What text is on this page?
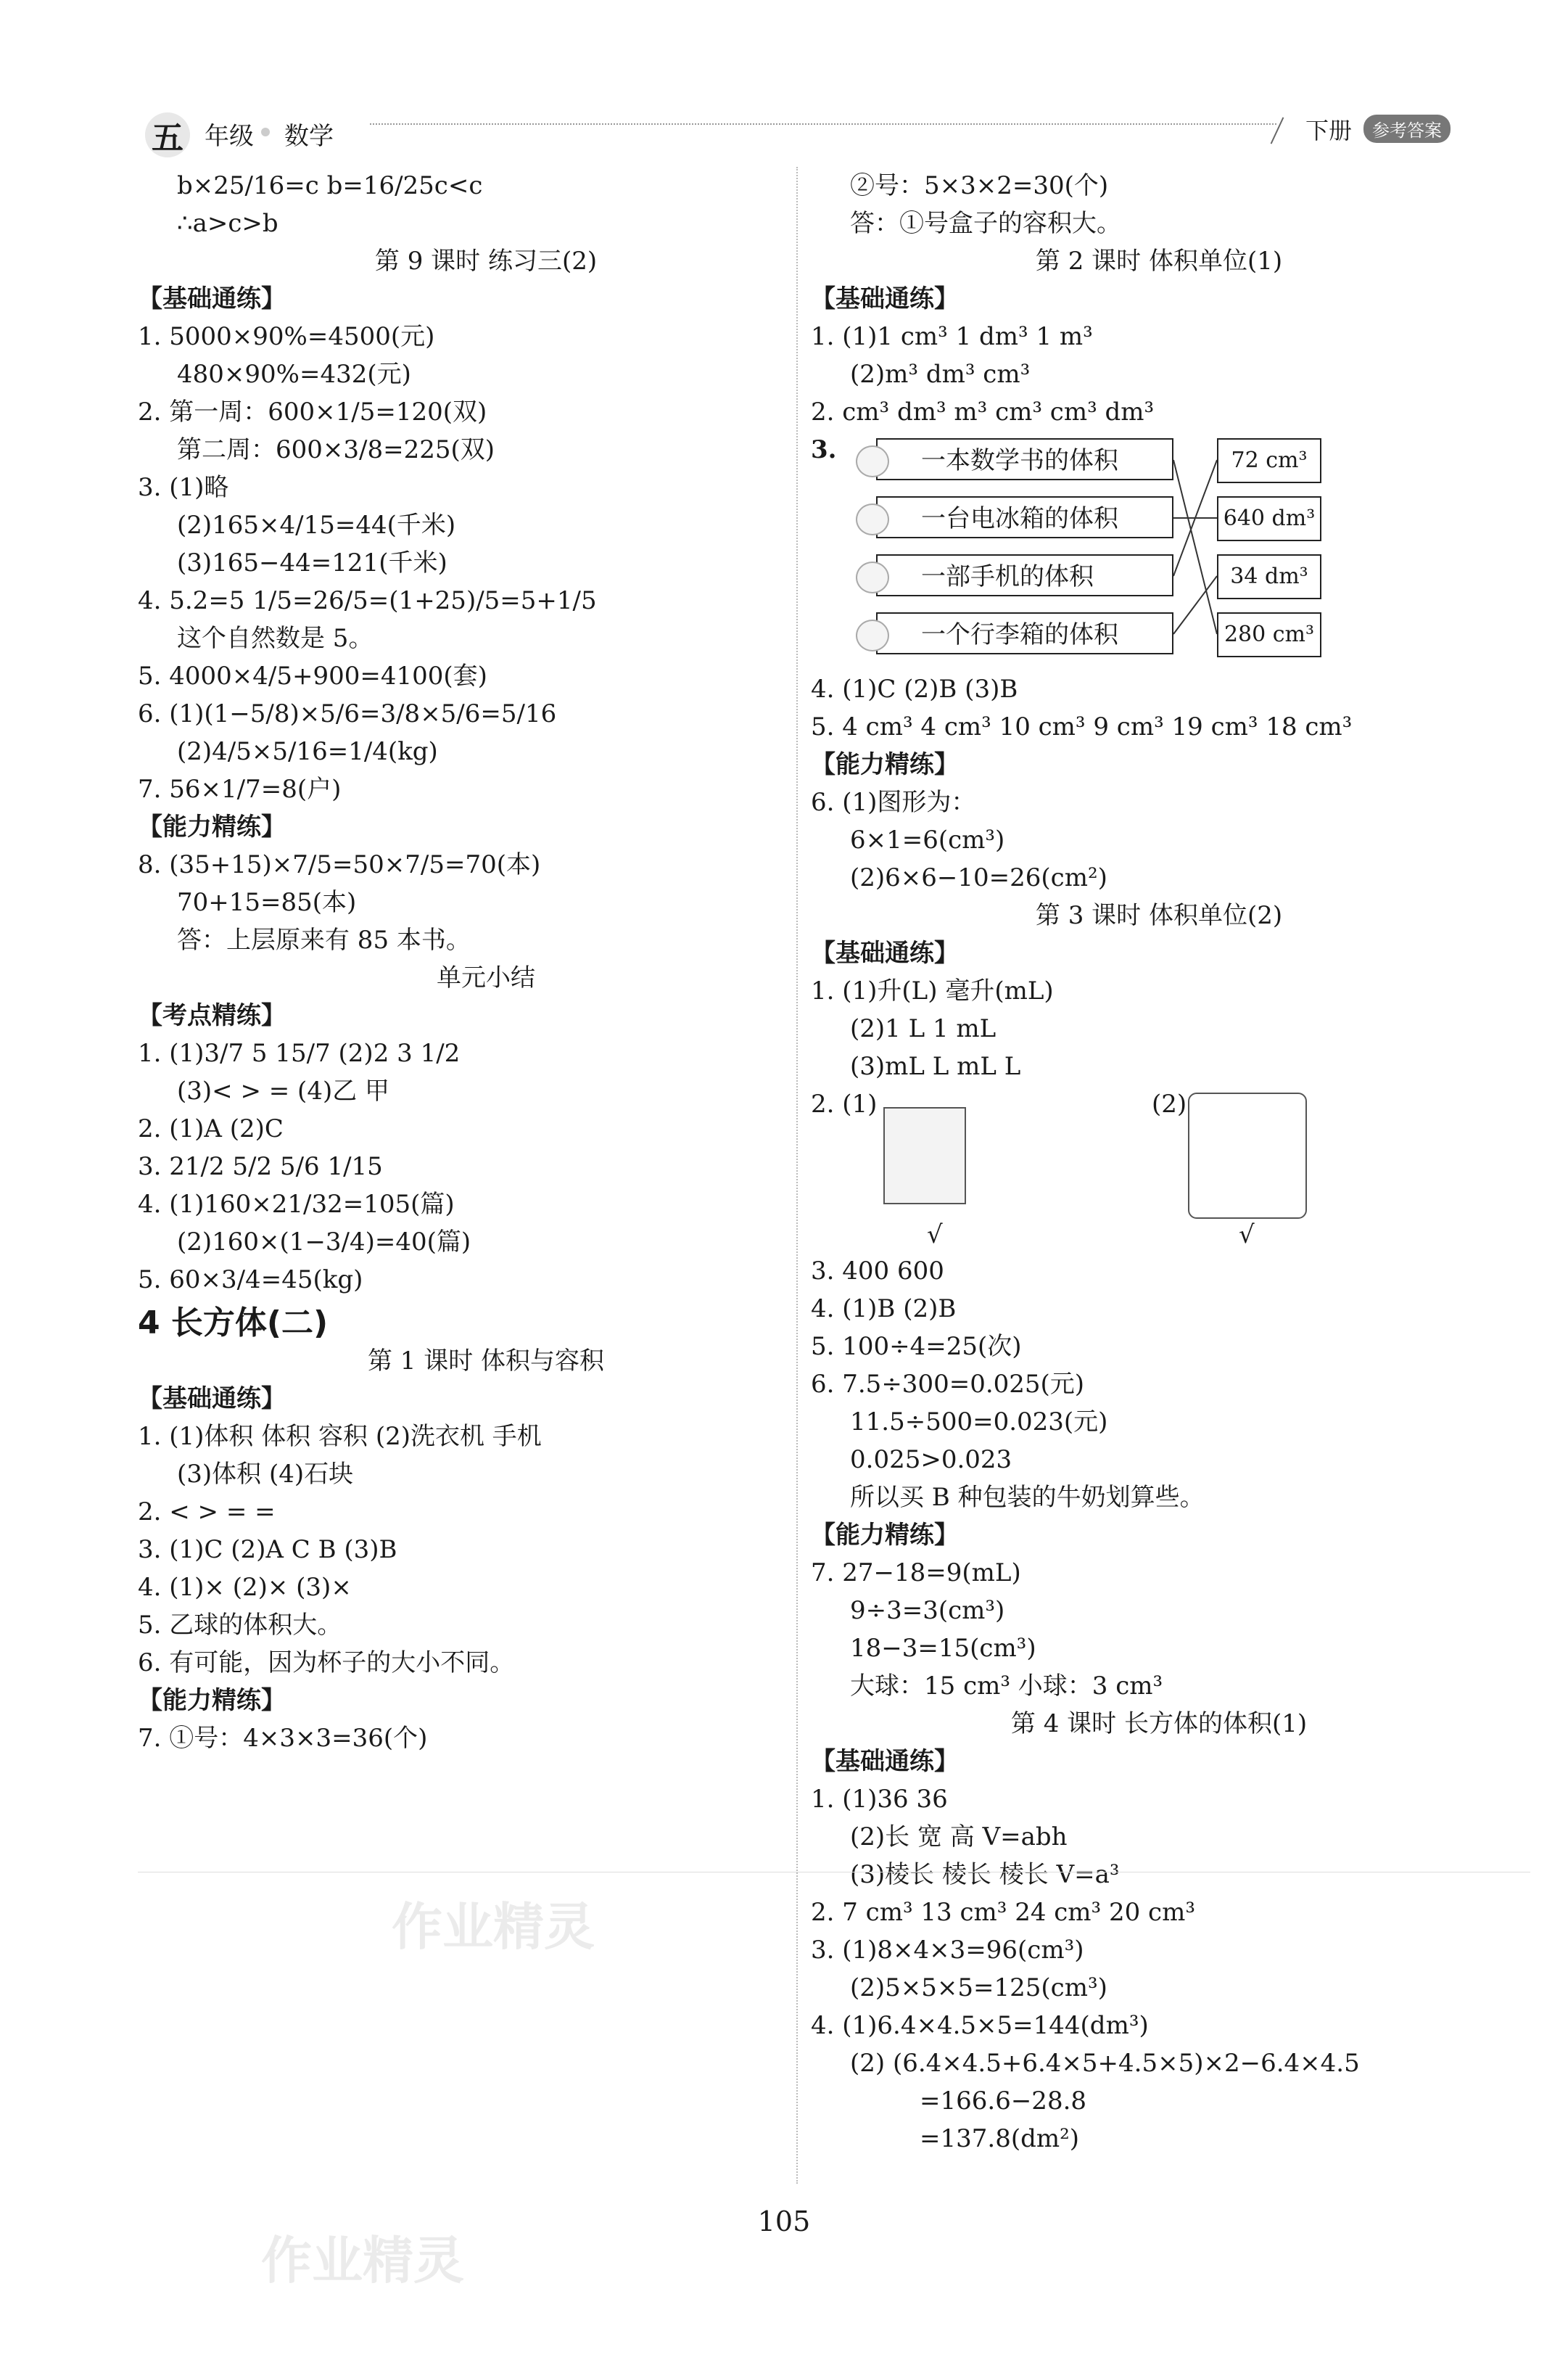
五 年级 数学	下册	参考答案
b×25/16=c b=16/25c<c
∴a>c>b
第 9 课时 练习三(2)
【基础通练】
1. 5000×90%=4500(元)
480×90%=432(元)
2. 第一周：600×1/5=120(双)
第二周：600×3/8=225(双)
3. (1)略
(2)165×4/15=44(千米)
(3)165−44=121(千米)
4. 5.2=5 1/5=26/5=(1+25)/5=5+1/5
这个自然数是 5。
5. 4000×4/5+900=4100(套)
6. (1)(1−5/8)×5/6=3/8×5/6=5/16
(2)4/5×5/16=1/4(kg)
7. 56×1/7=8(户)
【能力精练】
8. (35+15)×7/5=50×7/5=70(本)
70+15=85(本)
答：上层原来有 85 本书。
单元小结
【考点精练】
1. (1)3/7 5 15/7 (2)2 3 1/2
(3)< > = (4)乙 甲
2. (1)A (2)C
3. 21/2 5/2 5/6 1/15
4. (1)160×21/32=105(篇)
(2)160×(1−3/4)=40(篇)
5. 60×3/4=45(kg)
4 长方体(二)
第 1 课时 体积与容积
【基础通练】
1. (1)体积 体积 容积 (2)洗衣机 手机
(3)体积 (4)石块
2. < > = =
3. (1)C (2)A C B (3)B
4. (1)× (2)× (3)×
5. 乙球的体积大。
6. 有可能，因为杯子的大小不同。
【能力精练】
7. ①号：4×3×3=36(个)
②号：5×3×2=30(个)
答：①号盒子的容积大。
第 2 课时 体积单位(1)
【基础通练】
1. (1)1 cm³ 1 dm³ 1 m³
(2)m³ dm³ cm³
2. cm³ dm³ m³ cm³ cm³ dm³
3.	一本数学书的体积
一台电冰箱的体积
一部手机的体积
一个行李箱的体积
72 cm³
640 dm³
34 dm³
280 cm³
4. (1)C (2)B (3)B
5. 4 cm³ 4 cm³ 10 cm³ 9 cm³ 19 cm³ 18 cm³
【能力精练】
6. (1)图形为：
6×1=6(cm³)
(2)6×6−10=26(cm²)
第 3 课时 体积单位(2)
【基础通练】
1. (1)升(L) 毫升(mL)
(2)1 L 1 mL
(3)mL L mL L
2. (1)
√
(2)
√
3. 400 600
4. (1)B (2)B
5. 100÷4=25(次)
6. 7.5÷300=0.025(元)
11.5÷500=0.023(元)
0.025>0.023
所以买 B 种包装的牛奶划算些。
【能力精练】
7. 27−18=9(mL)
9÷3=3(cm³)
18−3=15(cm³)
大球：15 cm³ 小球：3 cm³
第 4 课时 长方体的体积(1)
【基础通练】
1. (1)36 36
(2)长 宽 高 V=abh
(3)棱长 棱长 棱长 V=a³
2. 7 cm³ 13 cm³ 24 cm³ 20 cm³
3. (1)8×4×3=96(cm³)
(2)5×5×5=125(cm³)
4. (1)6.4×4.5×5=144(dm³)
(2) (6.4×4.5+6.4×5+4.5×5)×2−6.4×4.5
=166.6−28.8
=137.8(dm²)
作业精灵
作业精灵
105
